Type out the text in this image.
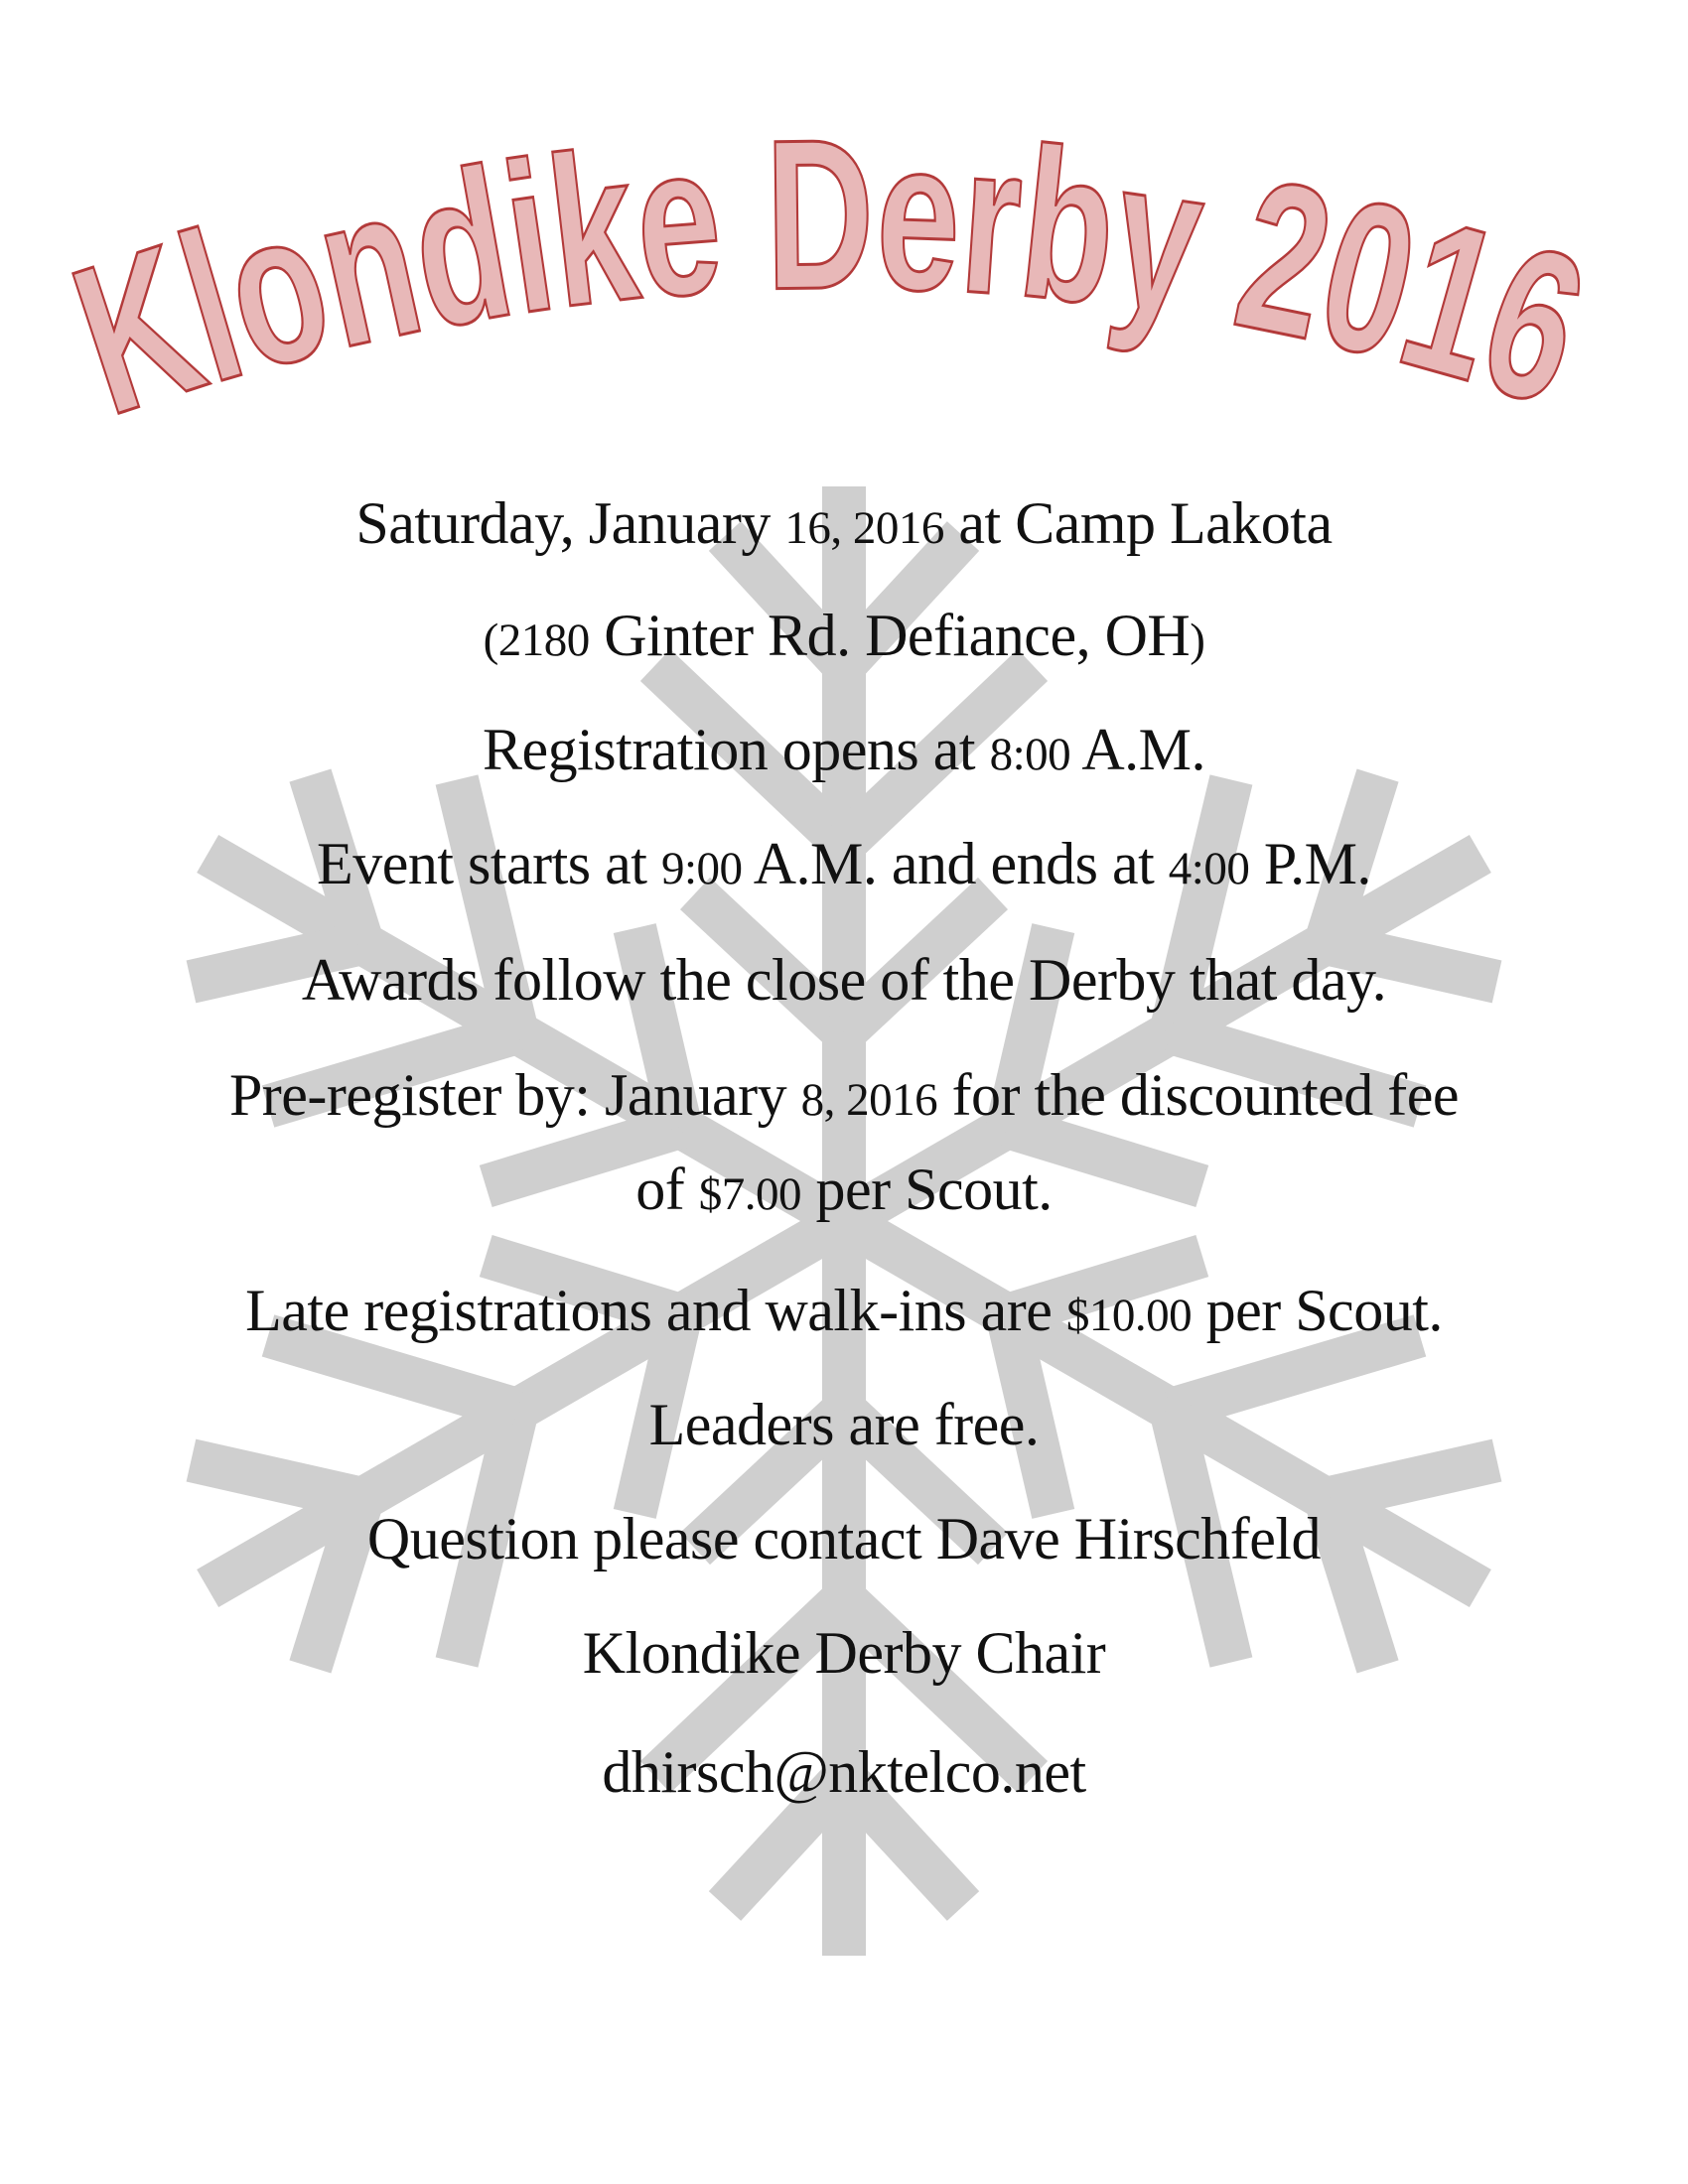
Klondike Derby 2016
Saturday, January 16, 2016 at Camp Lakota
(2180 Ginter Rd. Defiance, OH)
Registration opens at 8:00 A.M.
Event starts at 9:00 A.M. and ends at 4:00 P.M.
Awards follow the close of the Derby that day.
Pre-register by: January 8, 2016 for the discounted fee
of $7.00 per Scout.
Late registrations and walk-ins are $10.00 per Scout.
Leaders are free.
Question please contact Dave Hirschfeld
Klondike Derby Chair
dhirsch@nktelco.net
